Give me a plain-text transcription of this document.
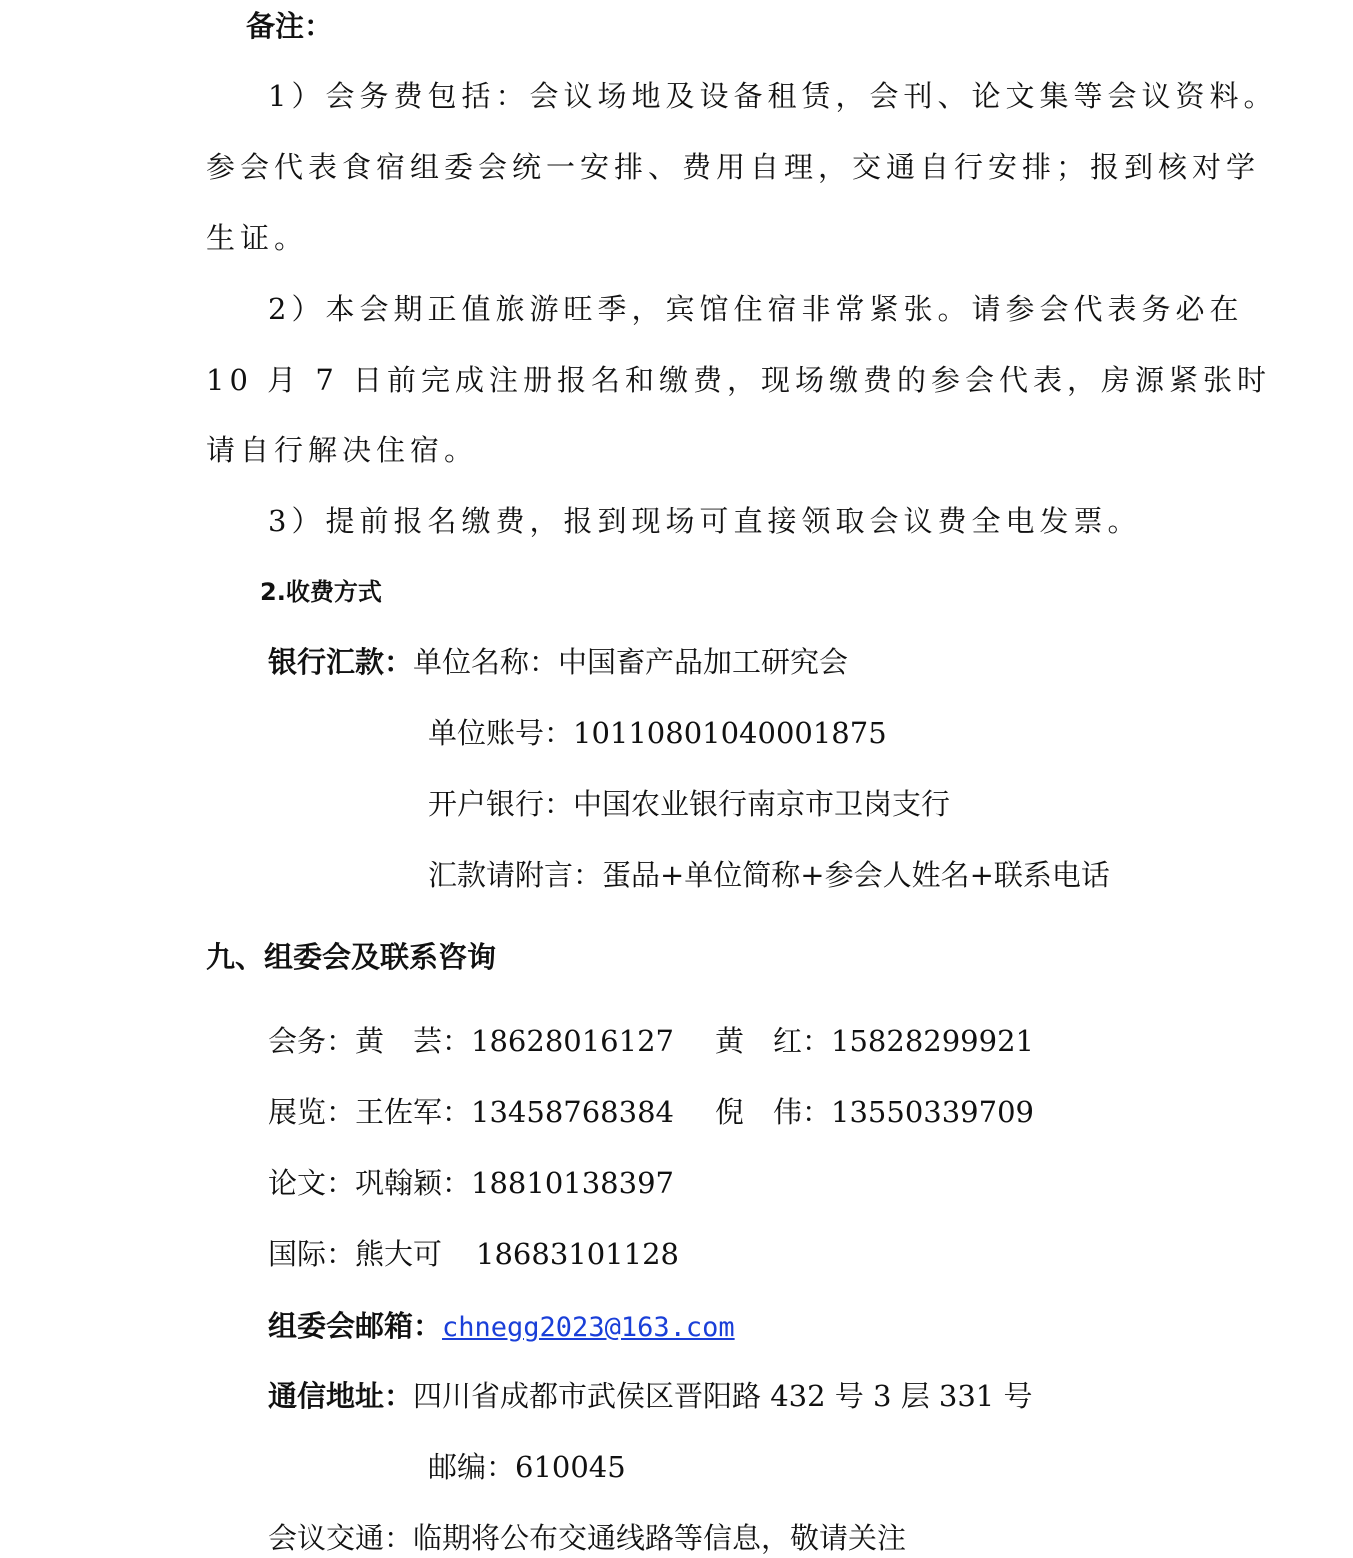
备注：
1）会务费包括：会议场地及设备租赁，会刊、论文集等会议资料。
参会代表食宿组委会统一安排、费用自理，交通自行安排；报到核对学
生证。
2）本会期正值旅游旺季，宾馆住宿非常紧张。请参会代表务必在
10 月 7 日前完成注册报名和缴费，现场缴费的参会代表，房源紧张时
请自行解决住宿。
3）提前报名缴费，报到现场可直接领取会议费全电发票。
2.收费方式
银行汇款：单位名称：中国畜产品加工研究会
单位账号：10110801040001875
开户银行：中国农业银行南京市卫岗支行
汇款请附言：蛋品+单位简称+参会人姓名+联系电话
九、组委会及联系咨询
会务：黄　芸：18628016127 黄　红：15828299921
展览：王佐军：13458768384 倪　伟：13550339709
论文：巩翰颖：18810138397
国际：熊大可 18683101128
组委会邮箱：chnegg2023@163.com
通信地址：四川省成都市武侯区晋阳路 432 号 3 层 331 号
邮编：610045
会议交通：临期将公布交通线路等信息，敬请关注
